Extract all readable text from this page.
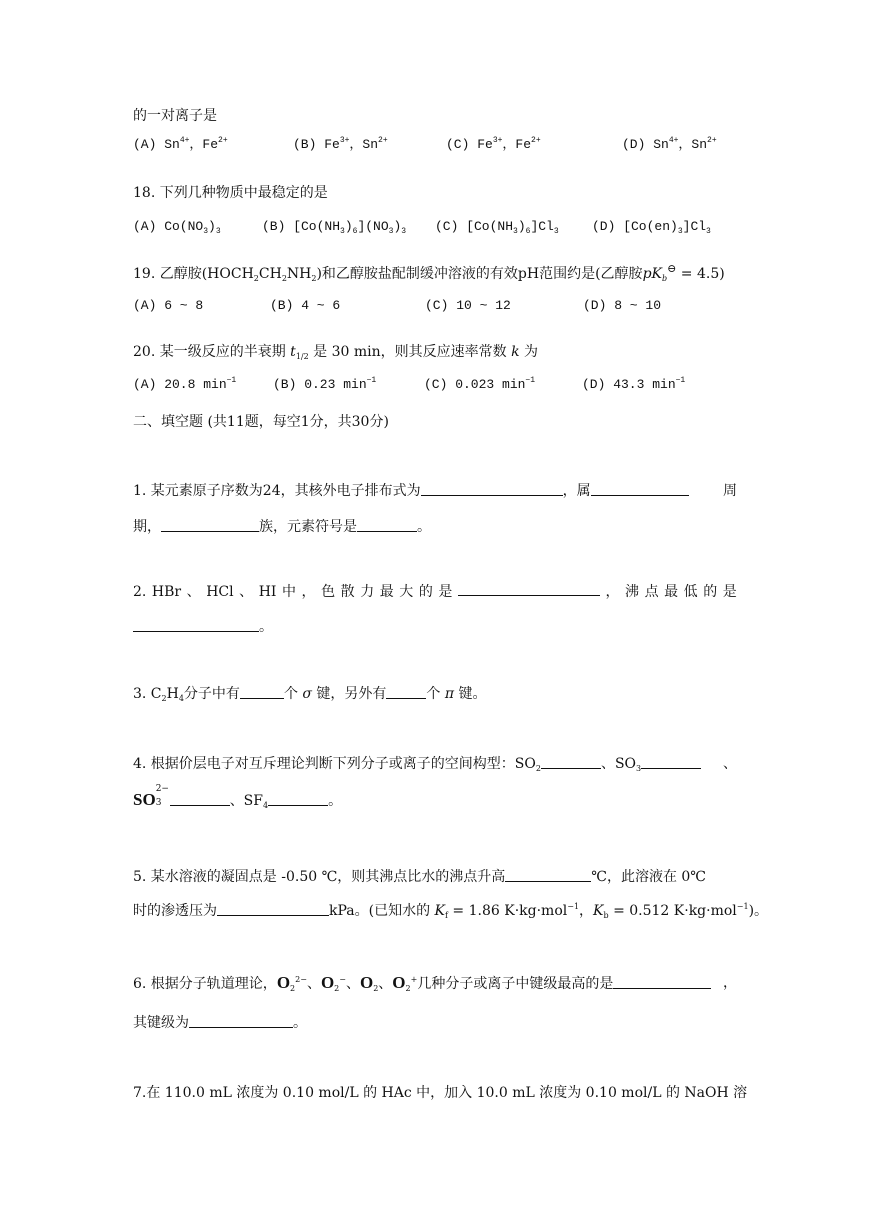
的一对离子是
(A) $Sn^{4+}$，$Fe^{2+}$	(B) $Fe^{3+}$，$Sn^{2+}$	(C) $Fe^{3+}$，$Fe^{2+}$	(D) $Sn^{4+}$，$Sn^{2+}$
18. 下列几种物质中最稳定的是
(A) $Co(NO_3)_3$	(B) $[Co(NH_3)_6](NO_3)_3$ (C) $[Co(NH_3)_6]Cl_3$	(D) $[Co(en)_3]Cl_3$
19. 乙醇胺$(HOCH_2CH_2NH_2)$和乙醇胺盐配制缓冲溶液的有效pH范围约是(乙醇胺$pK_b^⊖ = 4.5$)
(A) 6 ~ 8	(B) 4 ~ 6	(C) 10 ~ 12	(D) 8 ~ 10
20. 某一级反应的半衰期 $t_{1/2}$ 是 30 min，则其反应速率常数 k 为
(A) 20.8 $\min^{-1}$	(B) 0.23 $\min^{-1}$	(C) 0.023 $\min^{-1}$	(D) 43.3 $\min^{-1}$
二、填空题 (共11题，每空1分，共30分)
1. 某元素原子序数为24，其核外电子排布式为	，属	周
期，	族，元素符号是	。
2. HBr 、 HCl 、 HI 中 ， 色 散 力 最 大 的 是	， 沸 点 最 低 的 是
。
3. $C_2H_4$分子中有	个 σ 键，另外有	个 π 键。
4. 根据价层电子对互斥理论判断下列分子或离子的空间构型：$SO_2$	、$SO_3$	、
SO
2−
3	、$SF_4$	。
5. 某水溶液的凝固点是 -0.50 ℃，则其沸点比水的沸点升高	℃，此溶液在 0℃
时的渗透压为	kPa。(已知水的 $K_f = 1.86$ K·kg·mol$^{-1}$，$K_b = 0.512$ K·kg·mol$^{-1}$)。
6. 根据分子轨道理论，$O_2^{2-}$、$O_2^-$、$O_2$、$O_2^+$几种分子或离子中键级最高的是	，
其键级为	。
7. 在 110.0 mL 浓度为 0.10 mol/L 的 HAc 中，加入 10.0 mL 浓度为 0.10 mol/L 的 NaOH 溶
